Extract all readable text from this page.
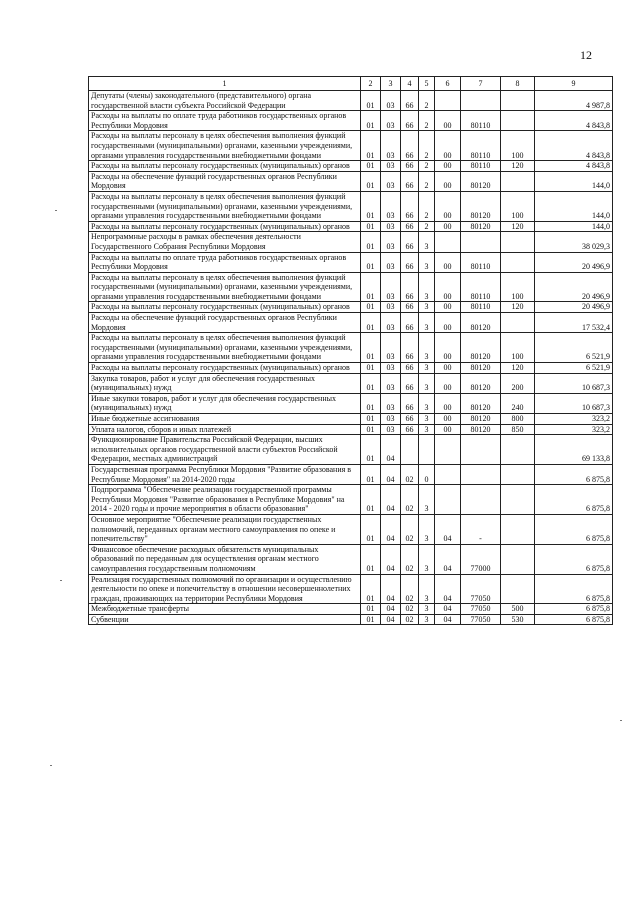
12
1	2	3	4	5	6	7	8	9
Депутаты (члены) законодательного (представительного) органа государственной власти субъекта Российской Федерации	01	03	66	2				4 987,8
Расходы на выплаты по оплате труда работников государственных органов Республики Мордовия	01	03	66	2	00	80110		4 843,8
Расходы на выплаты персоналу в целях обеспечения выполнения функций государственными (муниципальными) органами, казенными учреждениями, органами управления государственными внебюджетными фондами	01	03	66	2	00	80110	100	4 843,8
Расходы на выплаты персоналу государственных (муниципальных) органов	01	03	66	2	00	80110	120	4 843,8
Расходы на обеспечение функций государственных органов Республики Мордовия	01	03	66	2	00	80120		144,0
Расходы на выплаты персоналу в целях обеспечения выполнения функций государственными (муниципальными) органами, казенными учреждениями, органами управления государственными внебюджетными фондами	01	03	66	2	00	80120	100	144,0
Расходы на выплаты персоналу государственных (муниципальных) органов	01	03	66	2	00	80120	120	144,0
Непрограммные расходы в рамках обеспечения деятельности Государственного Собрания Республики Мордовия	01	03	66	3				38 029,3
Расходы на выплаты по оплате труда работников государственных органов Республики Мордовия	01	03	66	3	00	80110		20 496,9
Расходы на выплаты персоналу в целях обеспечения выполнения функций государственными (муниципальными) органами, казенными учреждениями, органами управления государственными внебюджетными фондами	01	03	66	3	00	80110	100	20 496,9
Расходы на выплаты персоналу государственных (муниципальных) органов	01	03	66	3	00	80110	120	20 496,9
Расходы на обеспечение функций государственных органов Республики Мордовия	01	03	66	3	00	80120		17 532,4
Расходы на выплаты персоналу в целях обеспечения выполнения функций государственными (муниципальными) органами, казенными учреждениями, органами управления государственными внебюджетными фондами	01	03	66	3	00	80120	100	6 521,9
Расходы на выплаты персоналу государственных (муниципальных) органов	01	03	66	3	00	80120	120	6 521,9
Закупка товаров, работ и услуг для обеспечения государственных (муниципальных) нужд	01	03	66	3	00	80120	200	10 687,3
Иные закупки товаров, работ и услуг для обеспечения государственных (муниципальных) нужд	01	03	66	3	00	80120	240	10 687,3
Иные бюджетные ассигнования	01	03	66	3	00	80120	800	323,2
Уплата налогов, сборов и иных платежей	01	03	66	3	00	80120	850	323,2
Функционирование Правительства Российской Федерации, высших исполнительных органов государственной власти субъектов Российской Федерации, местных администраций	01	04						69 133,8
Государственная программа Республики Мордовия "Развитие образования в Республике Мордовия" на 2014-2020 годы	01	04	02	0				6 875,8
Подпрограмма "Обеспечение реализации государственной программы Республики Мордовия "Развитие образования в Республике Мордовия" на 2014 - 2020 годы и прочие мероприятия в области образования"	01	04	02	3				6 875,8
Основное мероприятие "Обеспечение реализации государственных полномочий, переданных органам местного самоуправления по опеке и попечительству"	01	04	02	3	04	-		6 875,8
Финансовое обеспечение расходных обязательств муниципальных образований по переданным для осуществления органам местного самоуправления государственным полномочиям	01	04	02	3	04	77000		6 875,8
Реализация государственных полномочий по организации и осуществлению деятельности по опеке и попечительству в отношении несовершеннолетних граждан, проживающих на территории Республики Мордовия	01	04	02	3	04	77050		6 875,8
Межбюджетные трансферты	01	04	02	3	04	77050	500	6 875,8
Субвенции	01	04	02	3	04	77050	530	6 875,8
